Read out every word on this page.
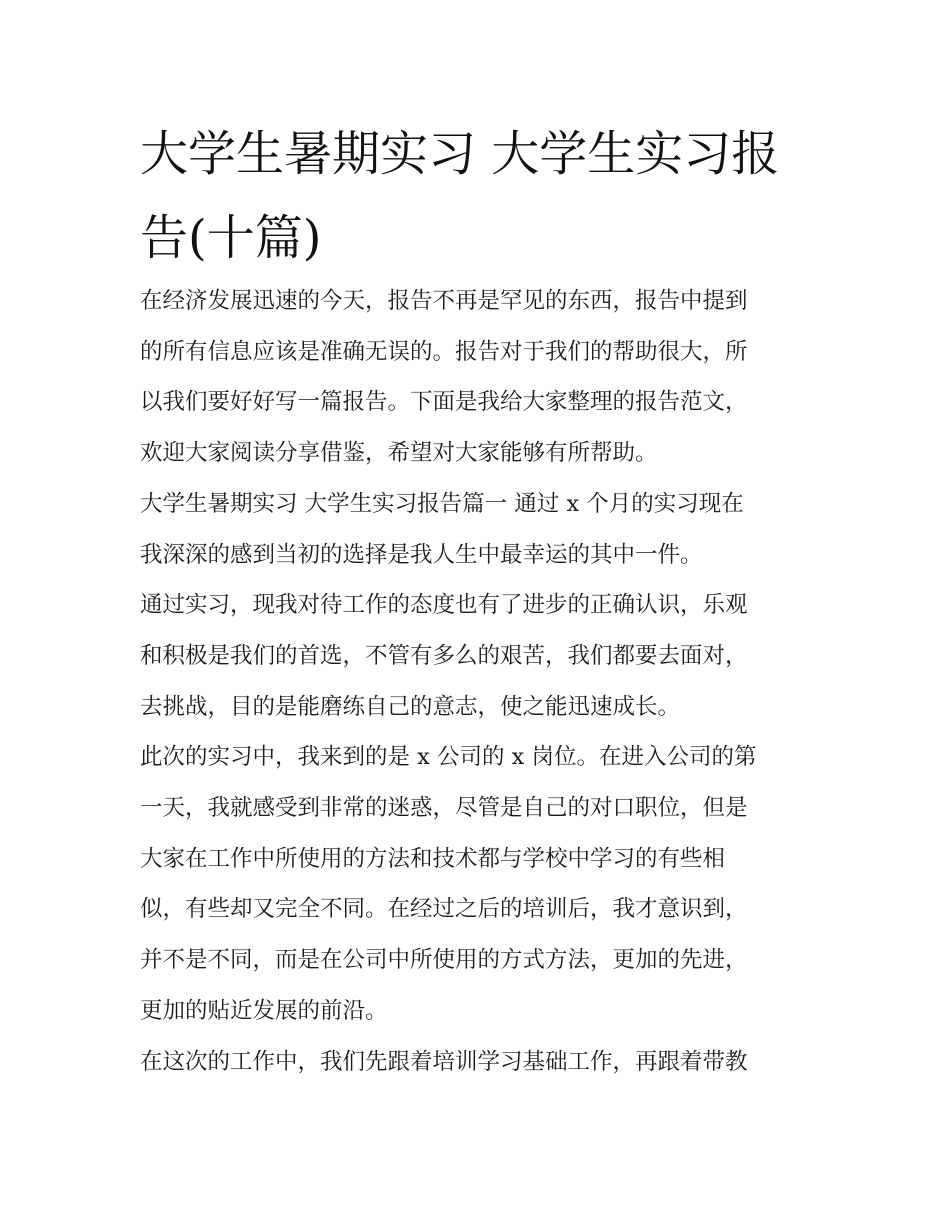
大学生暑期实习 大学生实习报
告(十篇)

在经济发展迅速的今天，报告不再是罕见的东西，报告中提到
的所有信息应该是准确无误的。报告对于我们的帮助很大，所
以我们要好好写一篇报告。下面是我给大家整理的报告范文，
欢迎大家阅读分享借鉴，希望对大家能够有所帮助。

大学生暑期实习 大学生实习报告篇一 通过 x 个月的实习现在
我深深的感到当初的选择是我人生中最幸运的其中一件。

通过实习，现我对待工作的态度也有了进步的正确认识，乐观
和积极是我们的首选，不管有多么的艰苦，我们都要去面对，
去挑战，目的是能磨练自己的意志，使之能迅速成长。

此次的实习中，我来到的是 x 公司的 x 岗位。在进入公司的第
一天，我就感受到非常的迷惑，尽管是自己的对口职位，但是
大家在工作中所使用的方法和技术都与学校中学习的有些相
似，有些却又完全不同。在经过之后的培训后，我才意识到，
并不是不同，而是在公司中所使用的方式方法，更加的先进，
更加的贴近发展的前沿。

在这次的工作中，我们先跟着培训学习基础工作，再跟着带教
